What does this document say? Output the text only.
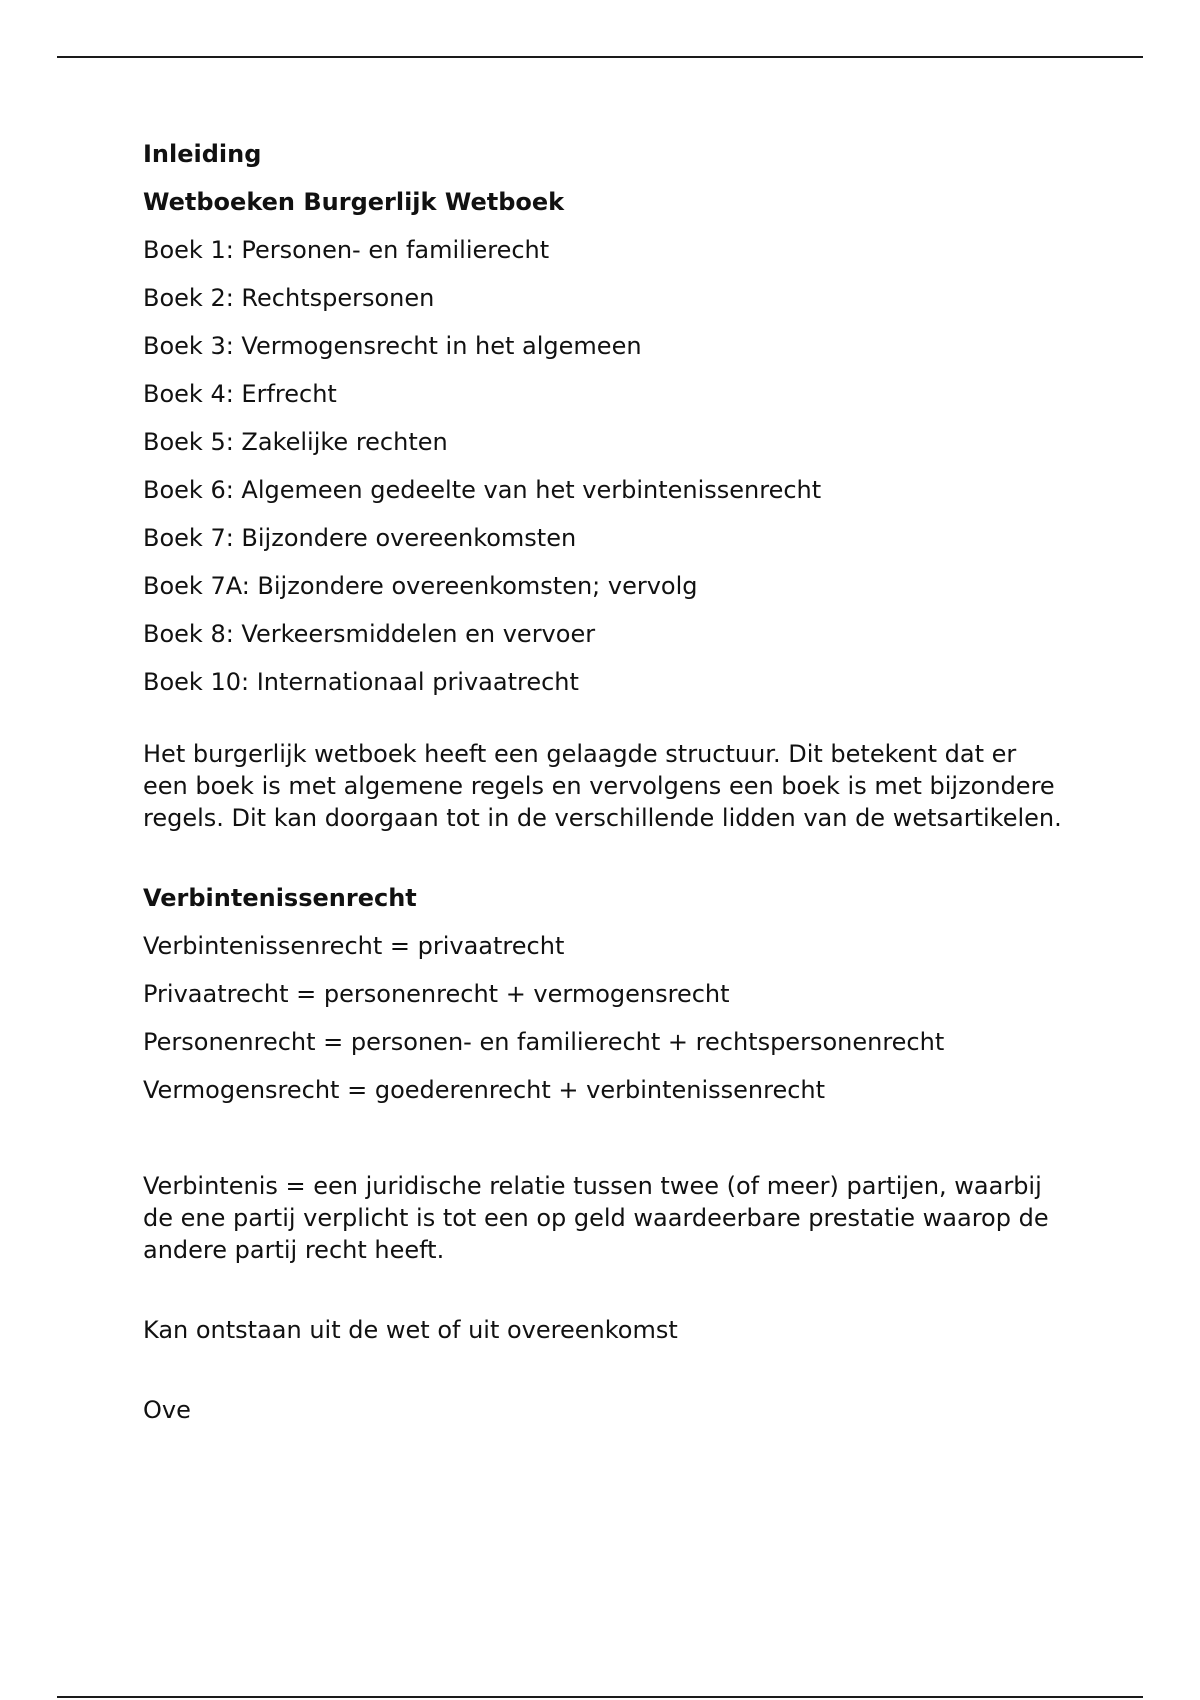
Inleiding
Wetboeken Burgerlijk Wetboek
Boek 1: Personen- en familierecht
Boek 2: Rechtspersonen
Boek 3: Vermogensrecht in het algemeen
Boek 4: Erfrecht
Boek 5: Zakelijke rechten
Boek 6: Algemeen gedeelte van het verbintenissenrecht
Boek 7: Bijzondere overeenkomsten
Boek 7A: Bijzondere overeenkomsten; vervolg
Boek 8: Verkeersmiddelen en vervoer
Boek 10: Internationaal privaatrecht

Het burgerlijk wetboek heeft een gelaagde structuur. Dit betekent dat er een boek is met algemene regels en vervolgens een boek is met bijzondere regels. Dit kan doorgaan tot in de verschillende lidden van de wetsartikelen.

Verbintenissenrecht
Verbintenissenrecht = privaatrecht
Privaatrecht = personenrecht + vermogensrecht
Personenrecht = personen- en familierecht + rechtspersonenrecht
Vermogensrecht = goederenrecht + verbintenissenrecht

Verbintenis = een juridische relatie tussen twee (of meer) partijen, waarbij de ene partij verplicht is tot een op geld waardeerbare prestatie waarop de andere partij recht heeft.

Kan ontstaan uit de wet of uit overeenkomst

Ove
